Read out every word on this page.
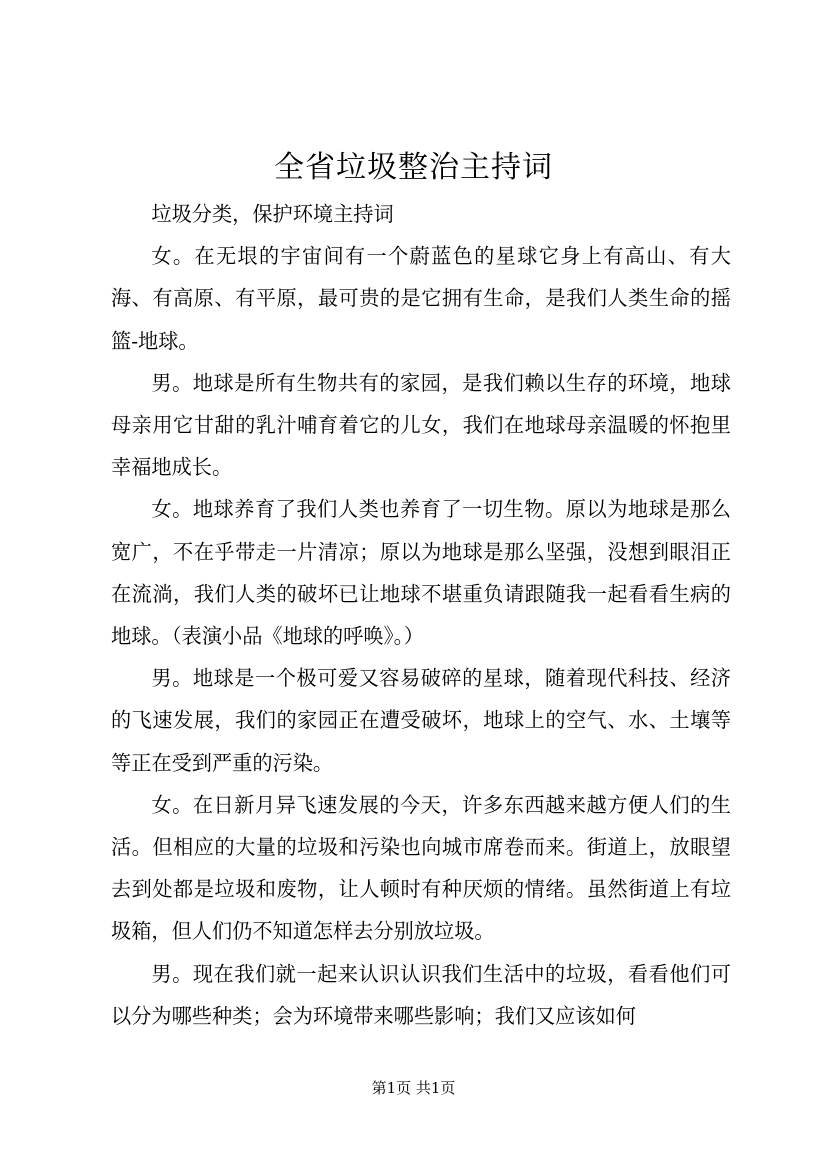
全省垃圾整治主持词

垃圾分类，保护环境主持词

女。在无垠的宇宙间有一个蔚蓝色的星球它身上有高山、有大海、有高原、有平原，最可贵的是它拥有生命，是我们人类生命的摇篮-地球。

男。地球是所有生物共有的家园，是我们赖以生存的环境，地球母亲用它甘甜的乳汁哺育着它的儿女，我们在地球母亲温暖的怀抱里幸福地成长。

女。地球养育了我们人类也养育了一切生物。原以为地球是那么宽广，不在乎带走一片清凉；原以为地球是那么坚强，没想到眼泪正在流淌，我们人类的破坏已让地球不堪重负请跟随我一起看看生病的地球。（表演小品《地球的呼唤》。）

男。地球是一个极可爱又容易破碎的星球，随着现代科技、经济的飞速发展，我们的家园正在遭受破坏，地球上的空气、水、土壤等等正在受到严重的污染。

女。在日新月异飞速发展的今天，许多东西越来越方便人们的生活。但相应的大量的垃圾和污染也向城市席卷而来。街道上，放眼望去到处都是垃圾和废物，让人顿时有种厌烦的情绪。虽然街道上有垃圾箱，但人们仍不知道怎样去分别放垃圾。

男。现在我们就一起来认识认识我们生活中的垃圾，看看他们可以分为哪些种类；会为环境带来哪些影响；我们又应该如何

第1页 共1页
